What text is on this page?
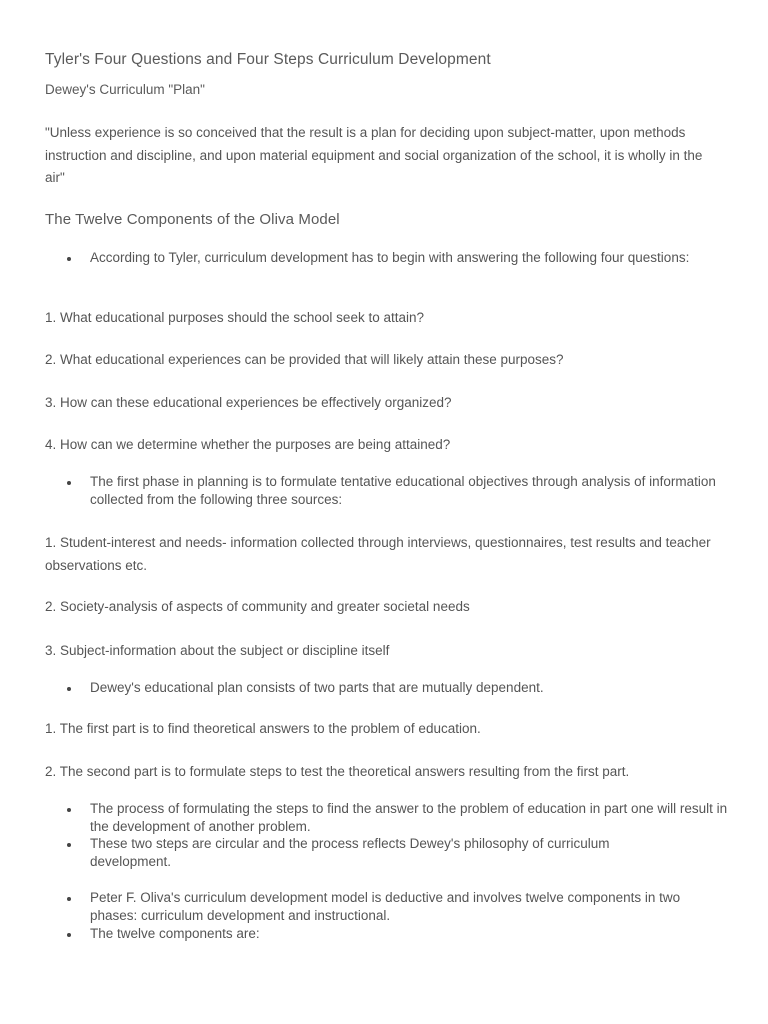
Tyler's Four Questions and Four Steps Curriculum Development
Dewey's Curriculum "Plan"
"Unless experience is so conceived that the result is a plan for deciding upon subject-matter, upon methods instruction and discipline, and upon material equipment and social organization of the school, it is wholly in the air"
The Twelve Components of the Oliva Model
According to Tyler, curriculum development has to begin with answering the following four questions:
1. What educational purposes should the school seek to attain?
2. What educational experiences can be provided that will likely attain these purposes?
3. How can these educational experiences be effectively organized?
4. How can we determine whether the purposes are being attained?
The first phase in planning is to formulate tentative educational objectives through analysis of information collected from the following three sources:
1. Student-interest and needs- information collected through interviews, questionnaires, test results and teacher observations etc.
2. Society-analysis of aspects of community and greater societal needs
3. Subject-information about the subject or discipline itself
Dewey's educational plan consists of two parts that are mutually dependent.
1. The first part is to find theoretical answers to the problem of education.
2. The second part is to formulate steps to test the theoretical answers resulting from the first part.
The process of formulating the steps to find the answer to the problem of education in part one will result in the development of another problem.
These two steps are circular and the process reflects Dewey's philosophy of curriculum development.
Peter F. Oliva's curriculum development model is deductive and involves twelve components in two phases: curriculum development and instructional.
The twelve components are:
